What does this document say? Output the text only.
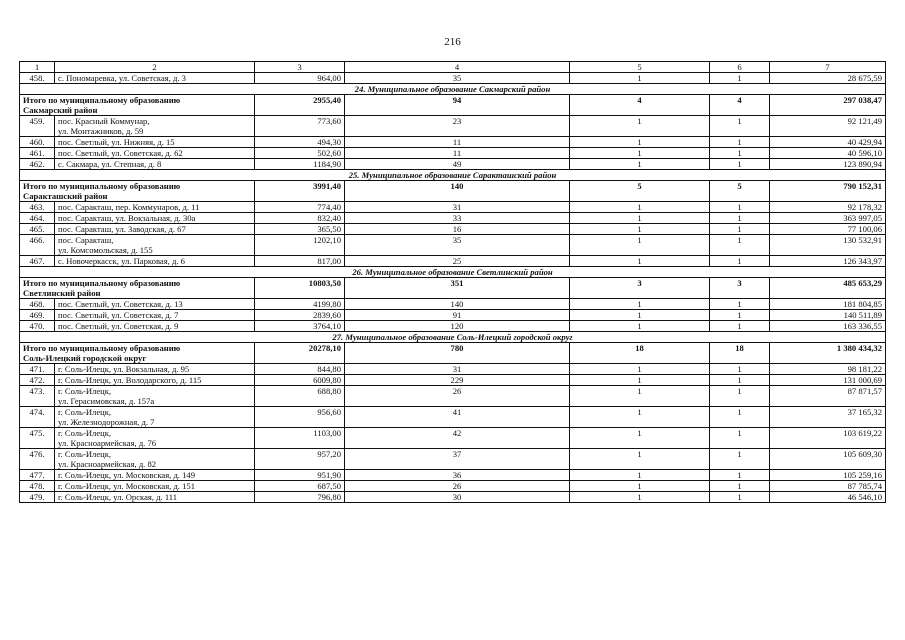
216
1	2	3	4	5	6	7
458.	с. Пономаревка, ул. Советская, д. 3	964,00	35	1	1	28 675,59
24. Муниципальное образование Сакмарский район						

Итого по муниципальному образованию
Сакмарский район		2955,40	94	4	4	297 038,47
459.	пос. Красный Коммунар,
ул. Монтажников, д. 59	773,60	23	1	1	92 121,49
460.	пос. Светлый, ул. Нижняя, д. 15	494,30	11	1	1	40 429,94
461.	пос. Светлый, ул. Советская, д. 62	502,60	11	1	1	40 596,10
462.	с. Сакмара, ул. Степная, д. 8	1184,90	49	1	1	123 890,94
25. Муниципальное образование Саракташский район						

Итого по муниципальному образованию
Саракташский район		3991,40	140	5	5	790 152,31
463.	пос. Саракташ, пер. Коммунаров, д. 11	774,40	31	1	1	92 178,32
464.	пос. Саракташ, ул. Вокзальная, д. 30а	832,40	33	1	1	363 997,05
465.	пос. Саракташ, ул. Заводская, д. 67	365,50	16	1	1	77 100,06
466.	пос. Саракташ,
ул. Комсомольская, д. 155	1202,10	35	1	1	130 532,91
467.	с. Новочеркасск, ул. Парковая, д. 6	817,00	25	1	1	126 343,97
26. Муниципальное образование Светлинский район						

Итого по муниципальному образованию
Светлинский район		10803,50	351	3	3	485 653,29
468.	пос. Светлый, ул. Советская, д. 13	4199,80	140	1	1	181 804,85
469.	пос. Светлый, ул. Советская, д. 7	2839,60	91	1	1	140 511,89
470.	пос. Светлый, ул. Советская, д. 9	3764,10	120	1	1	163 336,55
27. Муниципальное образование Соль-Илецкий городской округ						

Итого по муниципальному образованию
Соль-Илецкий городской округ		20278,10	780	18	18	1 380 434,32
471.	г. Соль-Илецк, ул. Вокзальная, д. 95	844,80	31	1	1	98 181,22
472.	г. Соль-Илецк, ул. Володарского, д. 115	6009,80	229	1	1	131 000,69
473.	г. Соль-Илецк,
ул. Герасимовская, д. 157а	688,80	26	1	1	87 871,57
474.	г. Соль-Илецк,
ул. Железнодорожная, д. 7	956,60	41	1	1	37 165,32
475.	г. Соль-Илецк,
ул. Красноармейская, д. 76	1103,00	42	1	1	103 619,22
476.	г. Соль-Илецк,
ул. Красноармейская, д. 82	957,20	37	1	1	105 609,30
477.	г. Соль-Илецк, ул. Московская, д. 149	951,90	36	1	1	105 259,16
478.	г. Соль-Илецк, ул. Московская, д. 151	687,50	26	1	1	87 785,74
479.	г. Соль-Илецк, ул. Орская, д. 111	796,80	30	1	1	46 546,10
